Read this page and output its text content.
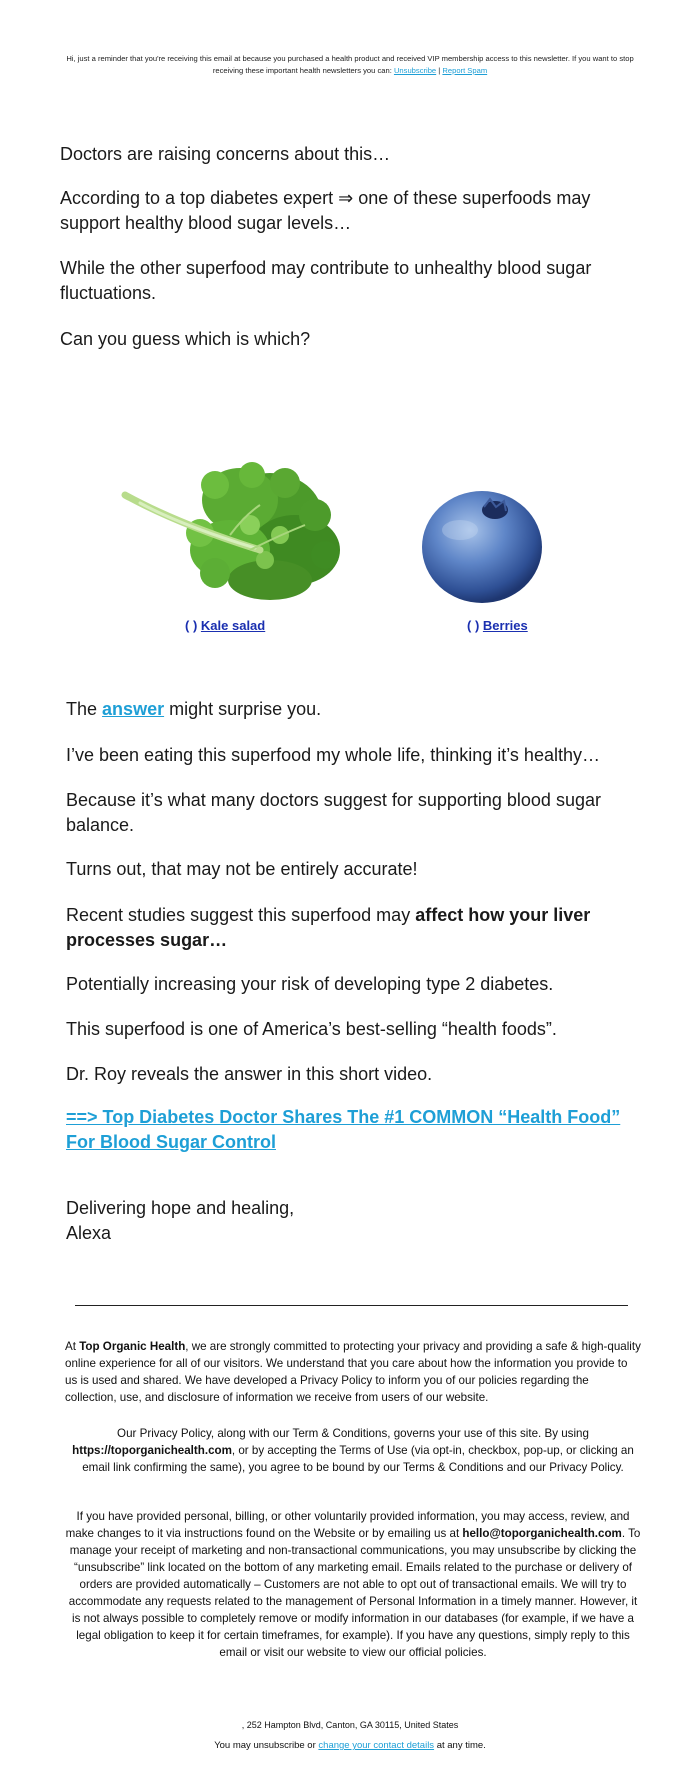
Hi, just a reminder that you're receiving this email at because you purchased a health product and received VIP membership access to this newsletter. If you want to stop receiving these important health newsletters you can: Unsubscribe | Report Spam

Doctors are raising concerns about this…

According to a top diabetes expert ⇒ one of these superfoods may support healthy blood sugar levels…

While the other superfood may contribute to unhealthy blood sugar fluctuations.

Can you guess which is which?

( ) Kale salad	( ) Berries

The answer might surprise you.

I’ve been eating this superfood my whole life, thinking it’s healthy…

Because it’s what many doctors suggest for supporting blood sugar balance.

Turns out, that may not be entirely accurate!

Recent studies suggest this superfood may affect how your liver processes sugar…

Potentially increasing your risk of developing type 2 diabetes.

This superfood is one of America’s best-selling “health foods”.

Dr. Roy reveals the answer in this short video.

==> Top Diabetes Doctor Shares The #1 COMMON “Health Food” For Blood Sugar Control
Delivering hope and healing,
Alexa

At Top Organic Health, we are strongly committed to protecting your privacy and providing a safe & high-quality online experience for all of our visitors. We understand that you care about how the information you provide to us is used and shared. We have developed a Privacy Policy to inform you of our policies regarding the collection, use, and disclosure of information we receive from users of our website.

Our Privacy Policy, along with our Term & Conditions, governs your use of this site. By using https://toporganichealth.com, or by accepting the Terms of Use (via opt-in, checkbox, pop-up, or clicking an email link confirming the same), you agree to be bound by our Terms & Conditions and our Privacy Policy.

If you have provided personal, billing, or other voluntarily provided information, you may access, review, and make changes to it via instructions found on the Website or by emailing us at hello@toporganichealth.com. To manage your receipt of marketing and non-transactional communications, you may unsubscribe by clicking the “unsubscribe” link located on the bottom of any marketing email. Emails related to the purchase or delivery of orders are provided automatically – Customers are not able to opt out of transactional emails. We will try to accommodate any requests related to the management of Personal Information in a timely manner. However, it is not always possible to completely remove or modify information in our databases (for example, if we have a legal obligation to keep it for certain timeframes, for example). If you have any questions, simply reply to this email or visit our website to view our official policies.

, 252 Hampton Blvd, Canton, GA 30115, United States
You may unsubscribe or change your contact details at any time.
